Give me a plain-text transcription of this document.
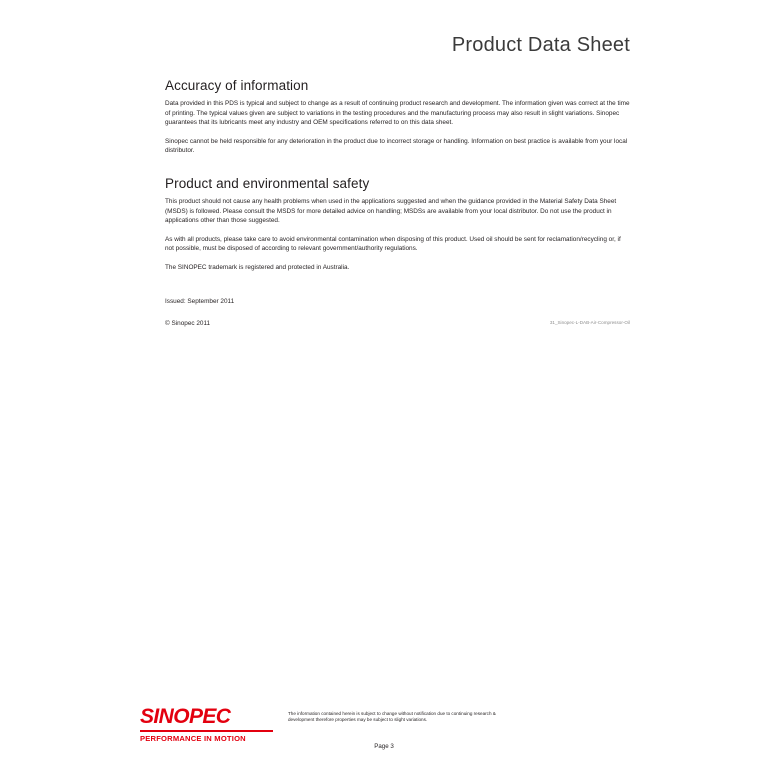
Product Data Sheet
Accuracy of information

Data provided in this PDS is typical and subject to change as a result of continuing product research and development. The information given was correct at the time of printing. The typical values given are subject to variations in the testing procedures and the manufacturing process may also result in slight variations. Sinopec guarantees that its lubricants meet any industry and OEM specifications referred to on this data sheet.

Sinopec cannot be held responsible for any deterioration in the product due to incorrect storage or handling. Information on best practice is available from your local distributor.

Product and environmental safety

This product should not cause any health problems when used in the applications suggested and when the guidance provided in the Material Safety Data Sheet (MSDS) is followed. Please consult the MSDS for more detailed advice on handling; MSDSs are available from your local distributor. Do not use the product in applications other than those suggested.

As with all products, please take care to avoid environmental contamination when disposing of this product. Used oil should be sent for reclamation/recycling or, if not possible, must be disposed of according to relevant government/authority regulations.

The SINOPEC trademark is registered and protected in Australia.

Issued: September 2011

© Sinopec 2011	31_Sinopec-L-DAB-Air-Compressor-Oil

SINOPEC

PERFORMANCE IN MOTION

The information contained herein is subject to change without notification due to continuing research & development therefore properties may be subject to slight variations.
Page 3
